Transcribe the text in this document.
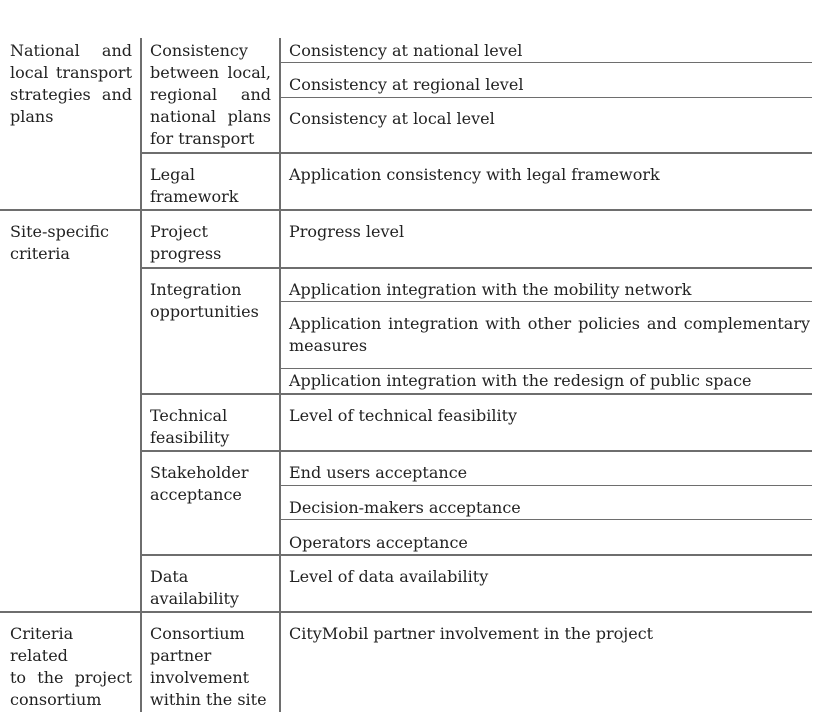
National and
local transport
strategies and
plans
Consistency
between local,
regional and
national plans
for transport
Consistency at national level
Consistency at regional level
Consistency at local level
Legal
framework
Application consistency with legal framework
Site-specific
criteria
Project
progress
Progress level
Integration
opportunities
Application integration with the mobility network
Application integration with other policies and complementary
measures
Application integration with the redesign of public space
Technical
feasibility
Level of technical feasibility
Stakeholder
acceptance
End users acceptance
Decision-makers acceptance
Operators acceptance
Data
availability
Level of data availability
Criteria related
to the project
consortium
Consortium
partner
involvement
within the site
CityMobil partner involvement in the project
